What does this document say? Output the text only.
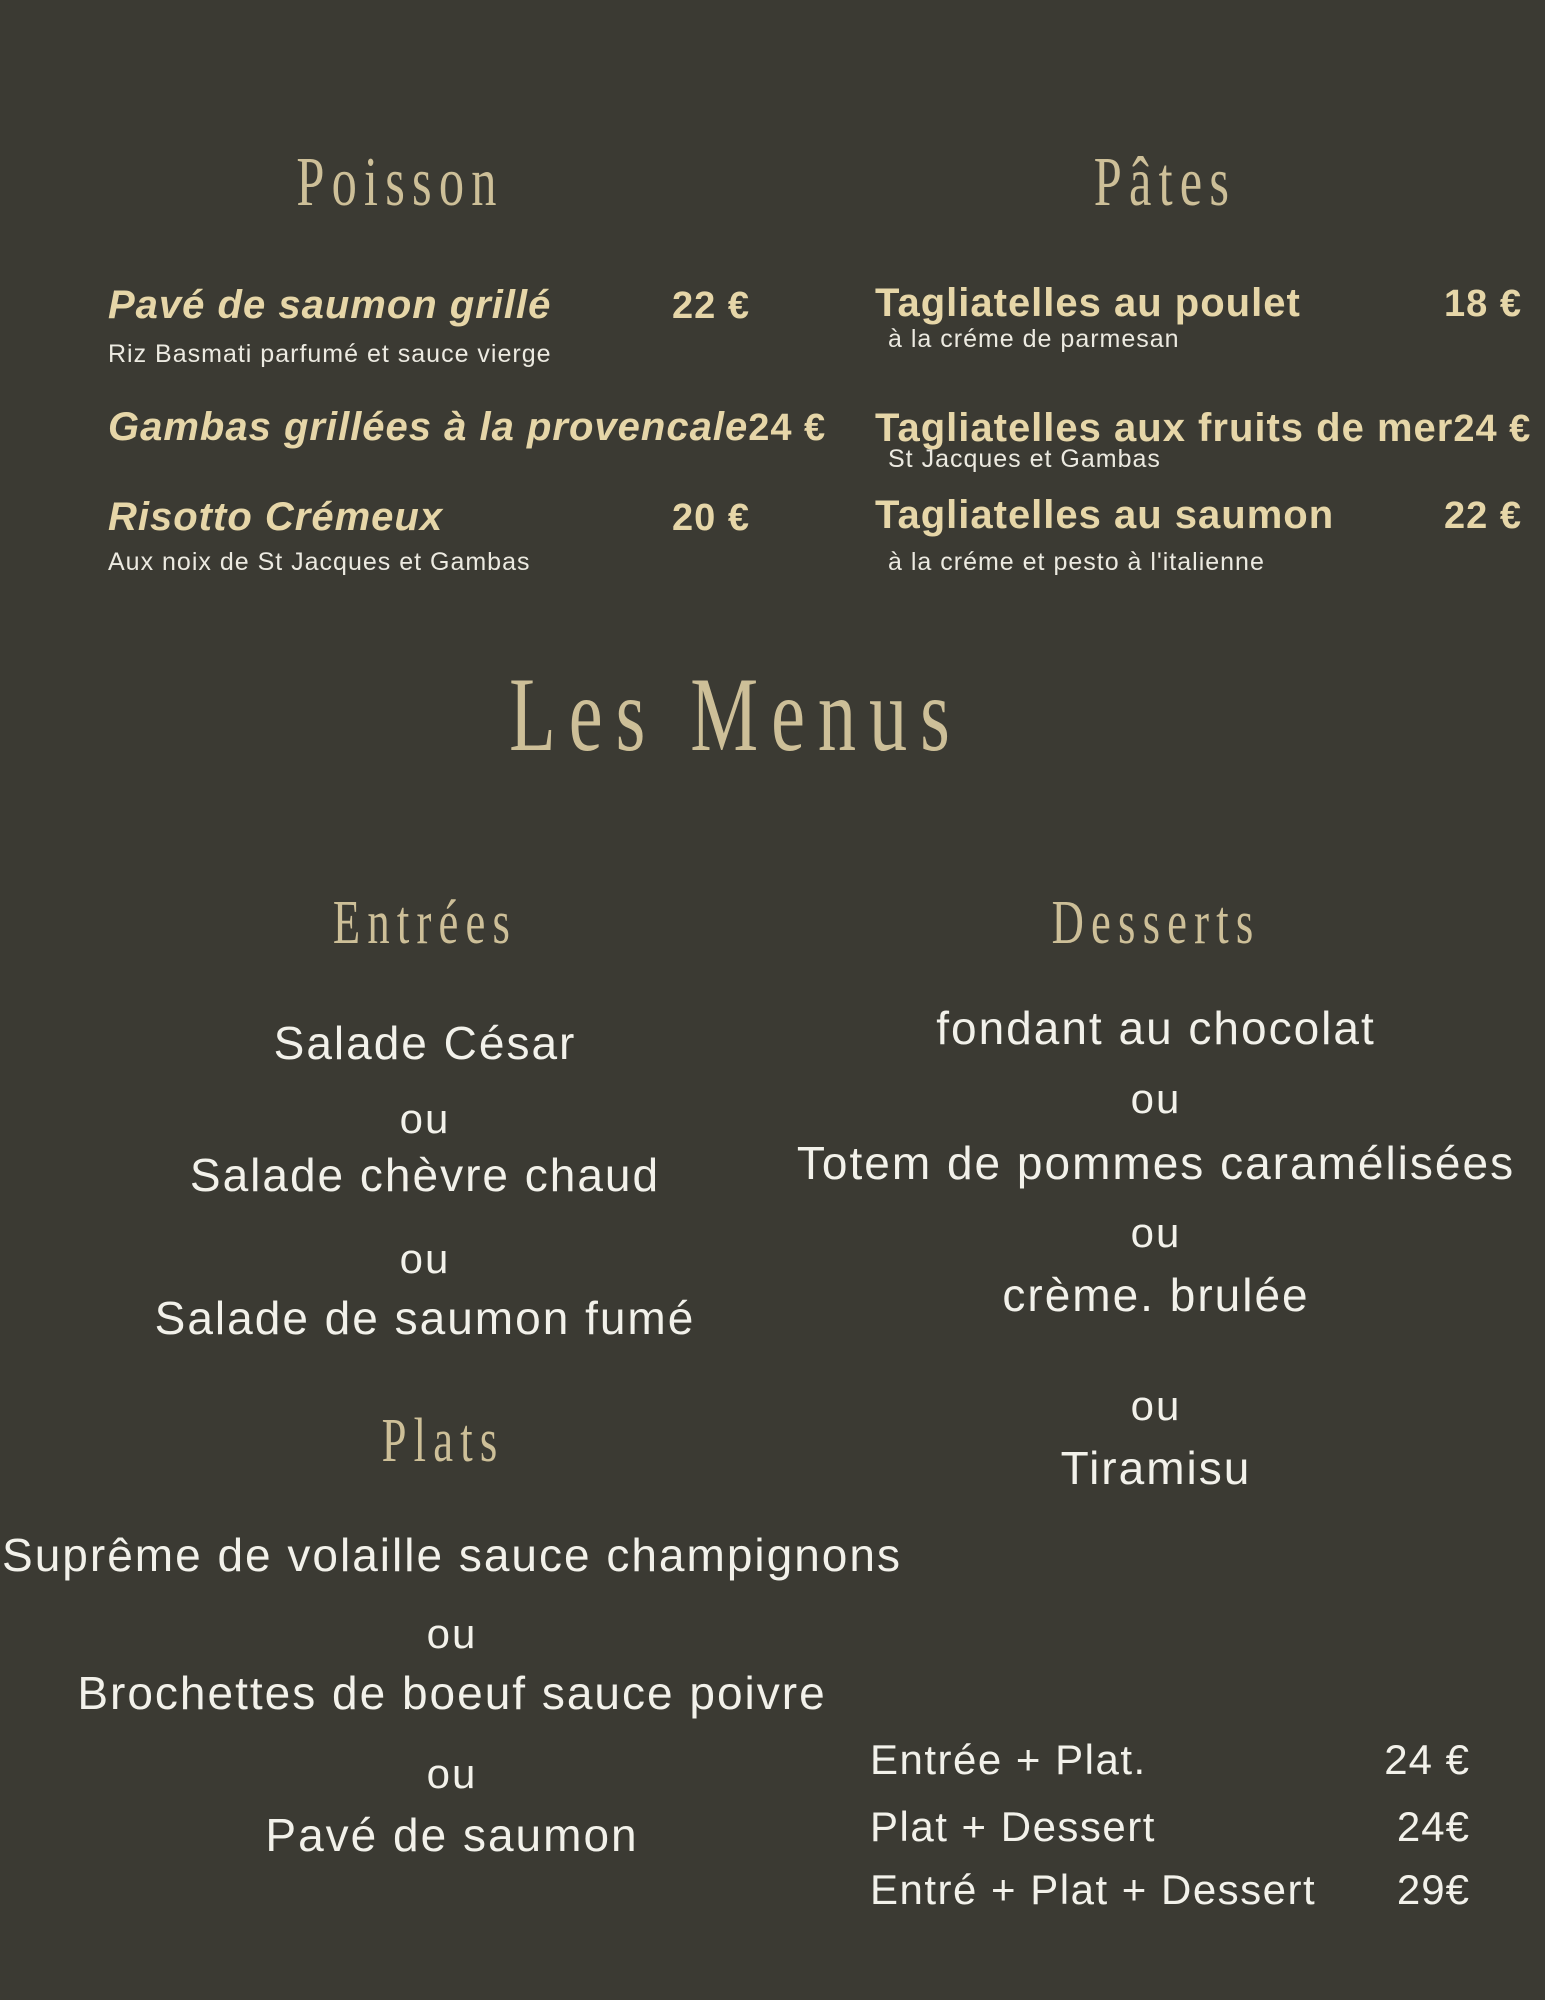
Poisson	Pâtes
Pavé de saumon grillé	22 €
Riz Basmati parfumé et sauce vierge
Gambas grillées à la provencale 24 €
Risotto Crémeux	20 €
Aux noix de St Jacques et Gambas
Tagliatelles au poulet	18 €
à la créme de parmesan
Tagliatelles aux fruits de mer 24 €
St Jacques et Gambas
Tagliatelles au saumon	22 €
à la créme et pesto à l'italienne
Les Menus
Entrées
Salade César
ou
Salade chèvre chaud
ou
Salade de saumon fumé
Desserts
fondant au chocolat
ou
Totem de pommes caramélisées
ou
crème. brulée
ou
Tiramisu
Plats
Suprême de volaille sauce champignons
ou
Brochettes de boeuf sauce poivre
ou
Pavé de saumon
Entrée + Plat.	24 €
Plat + Dessert	24€
Entré + Plat + Dessert 29€
